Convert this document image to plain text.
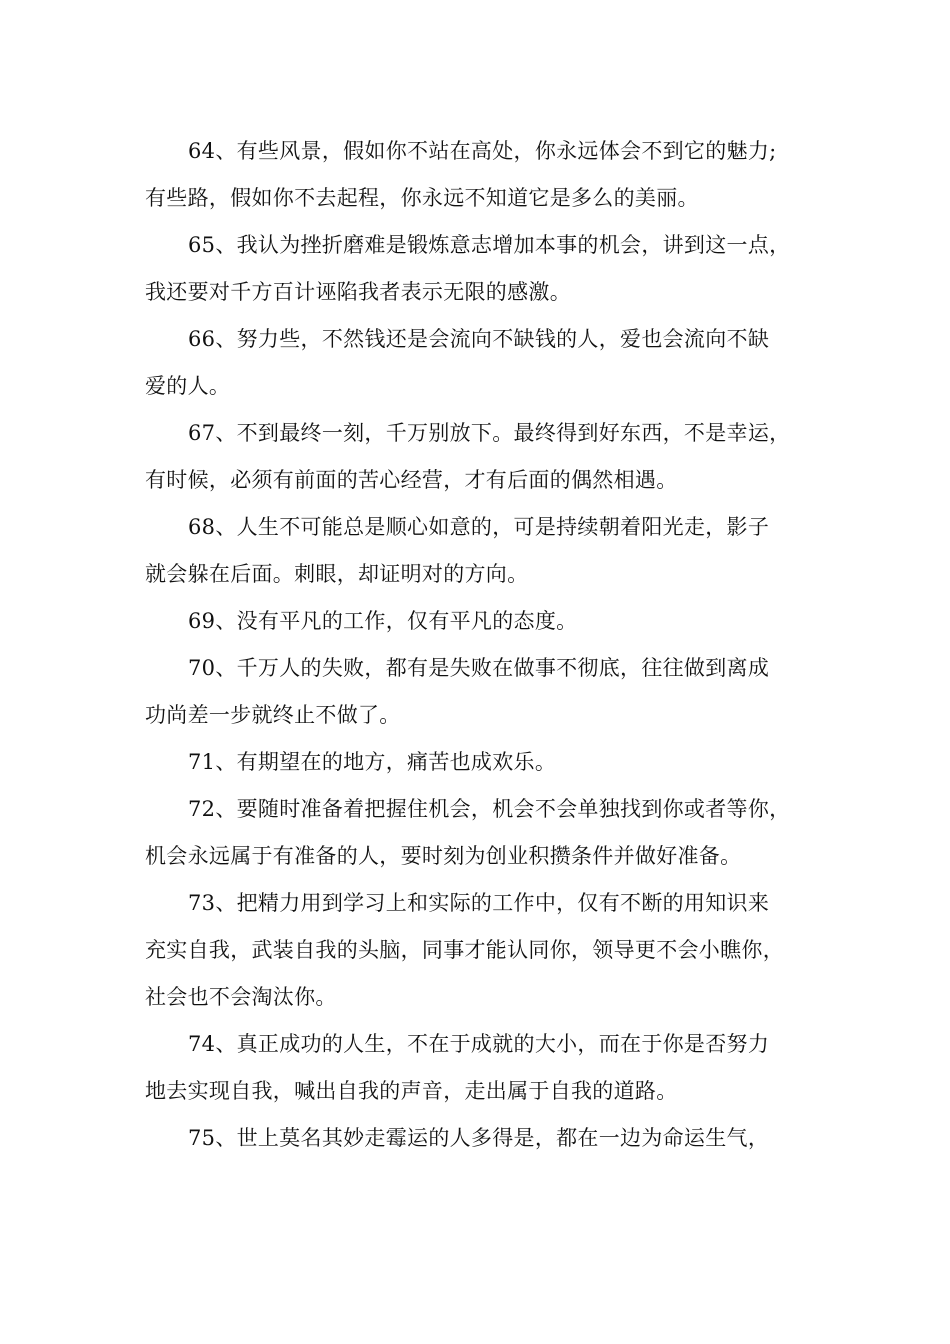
64、有些风景，假如你不站在高处，你永远体会不到它的魅力;
有些路，假如你不去起程，你永远不知道它是多么的美丽。

65、我认为挫折磨难是锻炼意志增加本事的机会，讲到这一点，
我还要对千方百计诬陷我者表示无限的感激。

66、努力些，不然钱还是会流向不缺钱的人，爱也会流向不缺
爱的人。

67、不到最终一刻，千万别放下。最终得到好东西，不是幸运，
有时候，必须有前面的苦心经营，才有后面的偶然相遇。

68、人生不可能总是顺心如意的，可是持续朝着阳光走，影子
就会躲在后面。刺眼，却证明对的方向。

69、没有平凡的工作，仅有平凡的态度。

70、千万人的失败，都有是失败在做事不彻底，往往做到离成
功尚差一步就终止不做了。

71、有期望在的地方，痛苦也成欢乐。

72、要随时准备着把握住机会，机会不会单独找到你或者等你，
机会永远属于有准备的人，要时刻为创业积攒条件并做好准备。

73、把精力用到学习上和实际的工作中，仅有不断的用知识来
充实自我，武装自我的头脑，同事才能认同你，领导更不会小瞧你，
社会也不会淘汰你。

74、真正成功的人生，不在于成就的大小，而在于你是否努力
地去实现自我，喊出自我的声音，走出属于自我的道路。

75、世上莫名其妙走霉运的人多得是，都在一边为命运生气，
